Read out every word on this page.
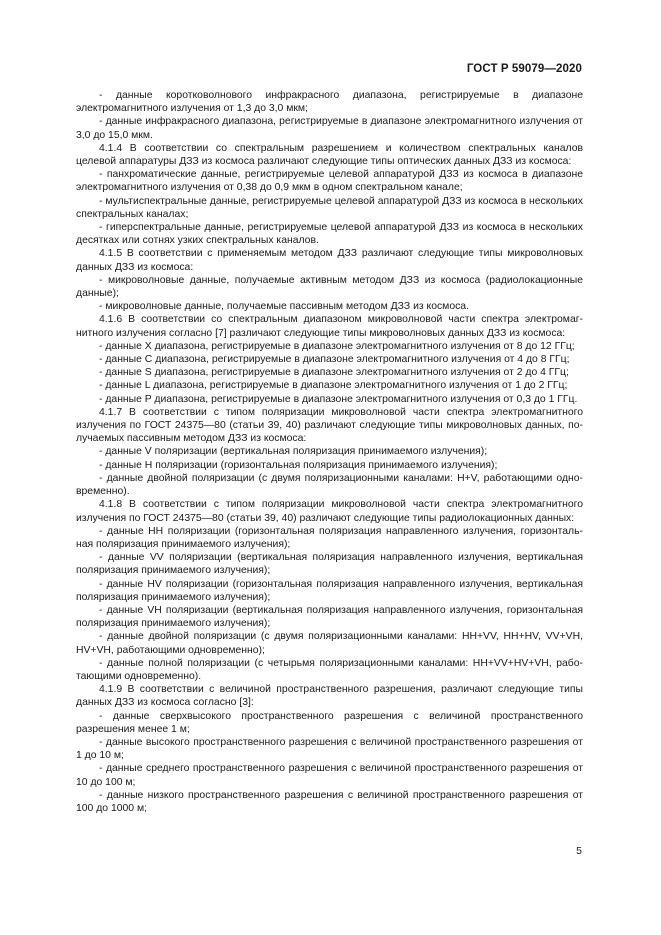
ГОСТ Р 59079—2020

- данные коротковолнового инфракрасного диапазона, регистрируемые в диапазоне электромагнитного излучения от 1,3 до 3,0 мкм;

- данные инфракрасного диапазона, регистрируемые в диапазоне электромагнитного излучения от 3,0 до 15,0 мкм.

4.1.4 В соответствии со спектральным разрешением и количеством спектральных каналов целевой аппаратуры ДЗЗ из космоса различают следующие типы оптических данных ДЗЗ из космоса:

- панхроматические данные, регистрируемые целевой аппаратурой ДЗЗ из космоса в диапазоне электромагнитного излучения от 0,38 до 0,9 мкм в одном спектральном канале;

- мультиспектральные данные, регистрируемые целевой аппаратурой ДЗЗ из космоса в нескольких спектральных каналах;

- гиперспектральные данные, регистрируемые целевой аппаратурой ДЗЗ из космоса в нескольких десятках или сотнях узких спектральных каналов.

4.1.5 В соответствии с применяемым методом ДЗЗ различают следующие типы микроволновых данных ДЗЗ из космоса:

- микроволновые данные, получаемые активным методом ДЗЗ из космоса (радиолокационные данные);

- микроволновые данные, получаемые пассивным методом ДЗЗ из космоса.

4.1.6 В соответствии со спектральным диапазоном микроволновой части спектра электромагнитного излучения согласно [7] различают следующие типы микроволновых данных ДЗЗ из космоса:

- данные X диапазона, регистрируемые в диапазоне электромагнитного излучения от 8 до 12 ГГц;

- данные C диапазона, регистрируемые в диапазоне электромагнитного излучения от 4 до 8 ГГц;

- данные S диапазона, регистрируемые в диапазоне электромагнитного излучения от 2 до 4 ГГц;

- данные L диапазона, регистрируемые в диапазоне электромагнитного излучения от 1 до 2 ГГц;

- данные P диапазона, регистрируемые в диапазоне электромагнитного излучения от 0,3 до 1 ГГц.

4.1.7 В соответствии с типом поляризации микроволновой части спектра электромагнитного излучения по ГОСТ 24375—80 (статьи 39, 40) различают следующие типы микроволновых данных, получаемых пассивным методом ДЗЗ из космоса:

- данные V поляризации (вертикальная поляризация принимаемого излучения);

- данные H поляризации (горизонтальная поляризация принимаемого излучения);

- данные двойной поляризации (с двумя поляризационными каналами: H+V, работающими одновременно).

4.1.8 В соответствии с типом поляризации микроволновой части спектра электромагнитного излучения по ГОСТ 24375—80 (статьи 39, 40) различают следующие типы радиолокационных данных:

- данные HH поляризации (горизонтальная поляризация направленного излучения, горизонтальная поляризация принимаемого излучения);

- данные VV поляризации (вертикальная поляризация направленного излучения, вертикальная поляризация принимаемого излучения);

- данные HV поляризации (горизонтальная поляризация направленного излучения, вертикальная поляризация принимаемого излучения);

- данные VH поляризации (вертикальная поляризация направленного излучения, горизонтальная поляризация принимаемого излучения);

- данные двойной поляризации (с двумя поляризационными каналами: HH+VV, HH+HV, VV+VH, HV+VH, работающими одновременно);

- данные полной поляризации (с четырьмя поляризационными каналами: HH+VV+HV+VH, работающими одновременно).

4.1.9 В соответствии с величиной пространственного разрешения, различают следующие типы данных ДЗЗ из космоса согласно [3]:

- данные сверхвысокого пространственного разрешения с величиной пространственного разрешения менее 1 м;

- данные высокого пространственного разрешения с величиной пространственного разрешения от 1 до 10 м;

- данные среднего пространственного разрешения с величиной пространственного разрешения от 10 до 100 м;

- данные низкого пространственного разрешения с величиной пространственного разрешения от 100 до 1000 м;

5
